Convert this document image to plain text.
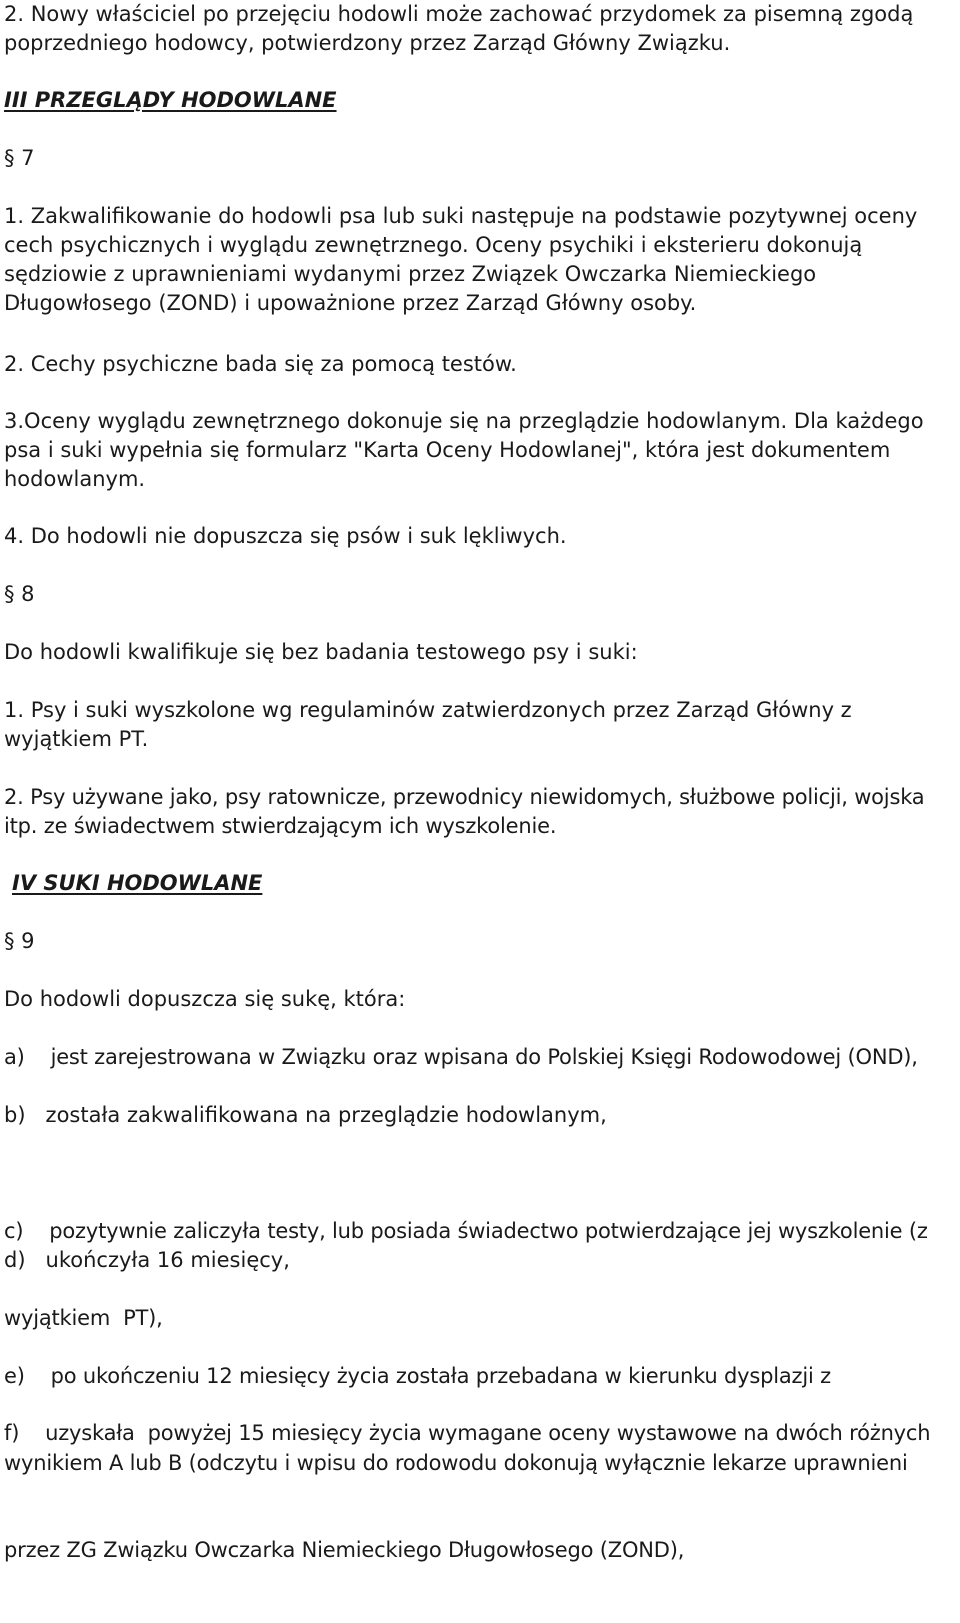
2. Nowy właściciel po przejęciu hodowli może zachować przydomek za pisemną zgodą
poprzedniego hodowcy, potwierdzony przez Zarząd Główny Związku.
III PRZEGLĄDY HODOWLANE
§ 7
1. Zakwalifikowanie do hodowli psa lub suki następuje na podstawie pozytywnej oceny
cech psychicznych i wyglądu zewnętrznego. Oceny psychiki i eksterieru dokonują
sędziowie z uprawnieniami wydanymi przez Związek Owczarka Niemieckiego
Długowłosego (ZOND) i upoważnione przez Zarząd Główny osoby.
2. Cechy psychiczne bada się za pomocą testów.
3.Oceny wyglądu zewnętrznego dokonuje się na przeglądzie hodowlanym. Dla każdego
psa i suki wypełnia się formularz "Karta Oceny Hodowlanej", która jest dokumentem
hodowlanym.
4. Do hodowli nie dopuszcza się psów i suk lękliwych.
§ 8
Do hodowli kwalifikuje się bez badania testowego psy i suki:
1. Psy i suki wyszkolone wg regulaminów zatwierdzonych przez Zarząd Główny z
wyjątkiem PT.
2. Psy używane jako, psy ratownicze, przewodnicy niewidomych, służbowe policji, wojska
itp. ze świadectwem stwierdzającym ich wyszkolenie.
IV SUKI HODOWLANE
§ 9
Do hodowli dopuszcza się sukę, która:
a)    jest zarejestrowana w Związku oraz wpisana do Polskiej Księgi Rodowodowej (OND),
b)   została zakwalifikowana na przeglądzie hodowlanym,

c)    pozytywnie zaliczyła testy, lub posiada świadectwo potwierdzające jej wyszkolenie (z

wyjątkiem  PT),

d)   ukończyła 16 miesięcy,

e)    po ukończeniu 12 miesięcy życia została przebadana w kierunku dysplazji z

wynikiem A lub B (odczytu i wpisu do rodowodu dokonują wyłącznie lekarze uprawnieni

przez ZG Związku Owczarka Niemieckiego Długowłosego (ZOND),

f)    uzyskała  powyżej 15 miesięcy życia wymagane oceny wystawowe na dwóch różnych
